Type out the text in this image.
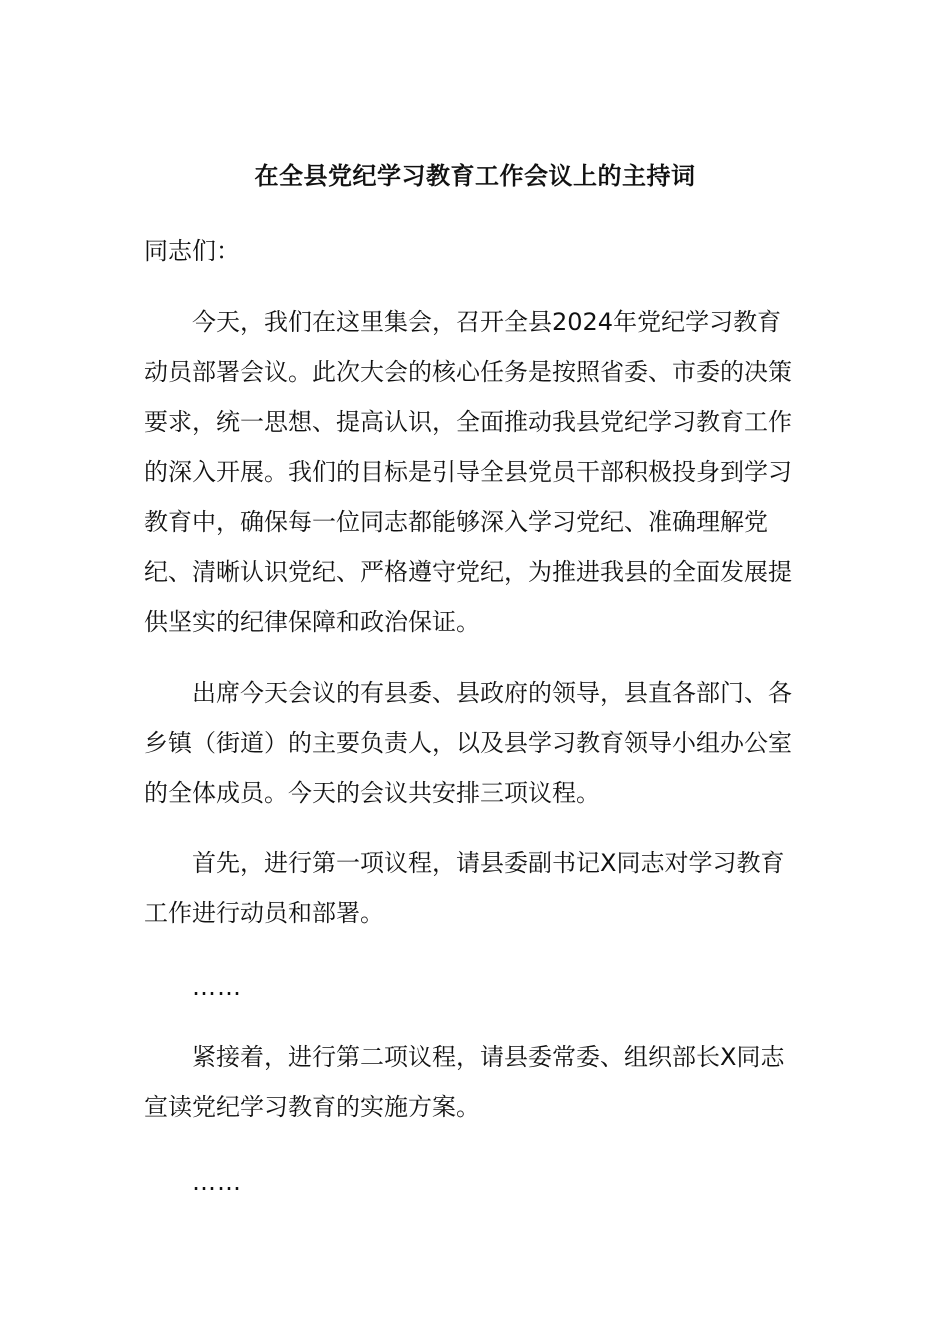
在全县党纪学习教育工作会议上的主持词

同志们：

今天，我们在这里集会，召开全县2024年党纪学习教育动员部署会议。此次大会的核心任务是按照省委、市委的决策要求，统一思想、提高认识，全面推动我县党纪学习教育工作的深入开展。我们的目标是引导全县党员干部积极投身到学习教育中，确保每一位同志都能够深入学习党纪、准确理解党纪、清晰认识党纪、严格遵守党纪，为推进我县的全面发展提供坚实的纪律保障和政治保证。

出席今天会议的有县委、县政府的领导，县直各部门、各乡镇（街道）的主要负责人，以及县学习教育领导小组办公室的全体成员。今天的会议共安排三项议程。

首先，进行第一项议程，请县委副书记X同志对学习教育工作进行动员和部署。

……

紧接着，进行第二项议程，请县委常委、组织部长X同志宣读党纪学习教育的实施方案。

……
